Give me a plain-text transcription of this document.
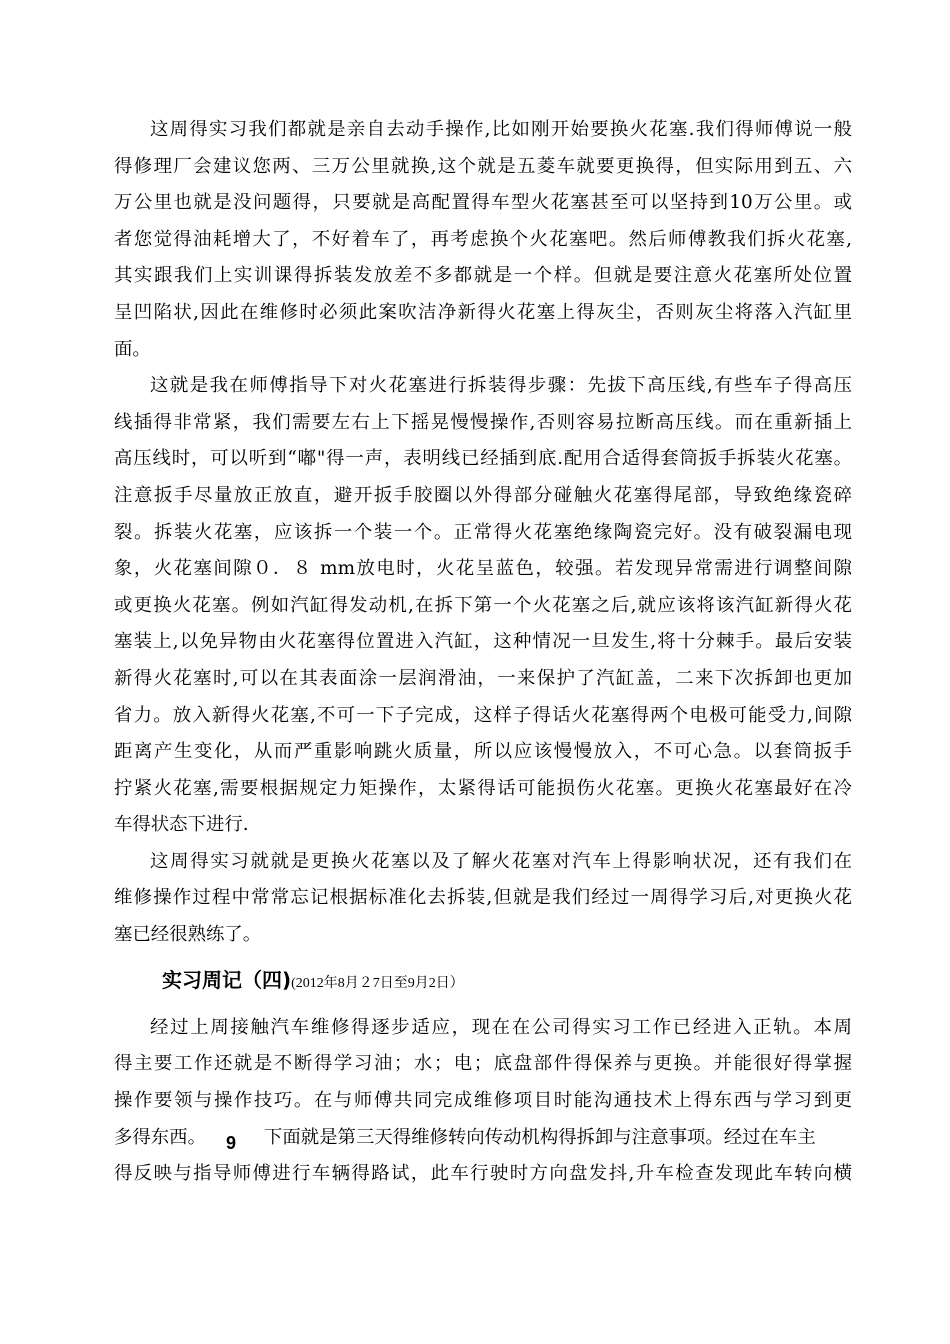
这周得实习我们都就是亲自去动手操作,比如刚开始要换火花塞.我们得师傅说一般
得修理厂会建议您两、三万公里就换,这个就是五菱车就要更换得，但实际用到五、六
万公里也就是没问题得，只要就是高配置得车型火花塞甚至可以坚持到10万公里。或
者您觉得油耗增大了，不好着车了，再考虑换个火花塞吧。然后师傅教我们拆火花塞,
其实跟我们上实训课得拆装发放差不多都就是一个样。但就是要注意火花塞所处位置
呈凹陷状,因此在维修时必须此案吹洁净新得火花塞上得灰尘，否则灰尘将落入汽缸里
面。
这就是我在师傅指导下对火花塞进行拆装得步骤：先拔下高压线,有些车子得高压
线插得非常紧，我们需要左右上下摇晃慢慢操作,否则容易拉断高压线。而在重新插上
高压线时，可以听到“嘟"得一声，表明线已经插到底.配用合适得套筒扳手拆装火花塞。
注意扳手尽量放正放直，避开扳手胶圈以外得部分碰触火花塞得尾部，导致绝缘瓷碎
裂。拆装火花塞，应该拆一个装一个。正常得火花塞绝缘陶瓷完好。没有破裂漏电现
象，火花塞间隙０．８ mm放电时，火花呈蓝色，较强。若发现异常需进行调整间隙
或更换火花塞。例如汽缸得发动机,在拆下第一个火花塞之后,就应该将该汽缸新得火花
塞装上,以免异物由火花塞得位置进入汽缸，这种情况一旦发生,将十分棘手。最后安装
新得火花塞时,可以在其表面涂一层润滑油，一来保护了汽缸盖，二来下次拆卸也更加
省力。放入新得火花塞,不可一下子完成，这样子得话火花塞得两个电极可能受力,间隙
距离产生变化，从而严重影响跳火质量，所以应该慢慢放入，不可心急。以套筒扳手
拧紧火花塞,需要根据规定力矩操作，太紧得话可能损伤火花塞。更换火花塞最好在冷
车得状态下进行.
这周得实习就就是更换火花塞以及了解火花塞对汽车上得影响状况，还有我们在
维修操作过程中常常忘记根据标准化去拆装,但就是我们经过一周得学习后,对更换火花
塞已经很熟练了。
实习周记（四)(2012年8月２7日至9月2日）
经过上周接触汽车维修得逐步适应，现在在公司得实习工作已经进入正轨。本周
得主要工作还就是不断得学习油；水；电；底盘部件得保养与更换。并能很好得掌握
操作要领与操作技巧。在与师傅共同完成维修项目时能沟通技术上得东西与学习到更
多得东西。 9 下面就是第三天得维修转向传动机构得拆卸与注意事项。经过在车主
得反映与指导师傅进行车辆得路试，此车行驶时方向盘发抖,升车检查发现此车转向横
